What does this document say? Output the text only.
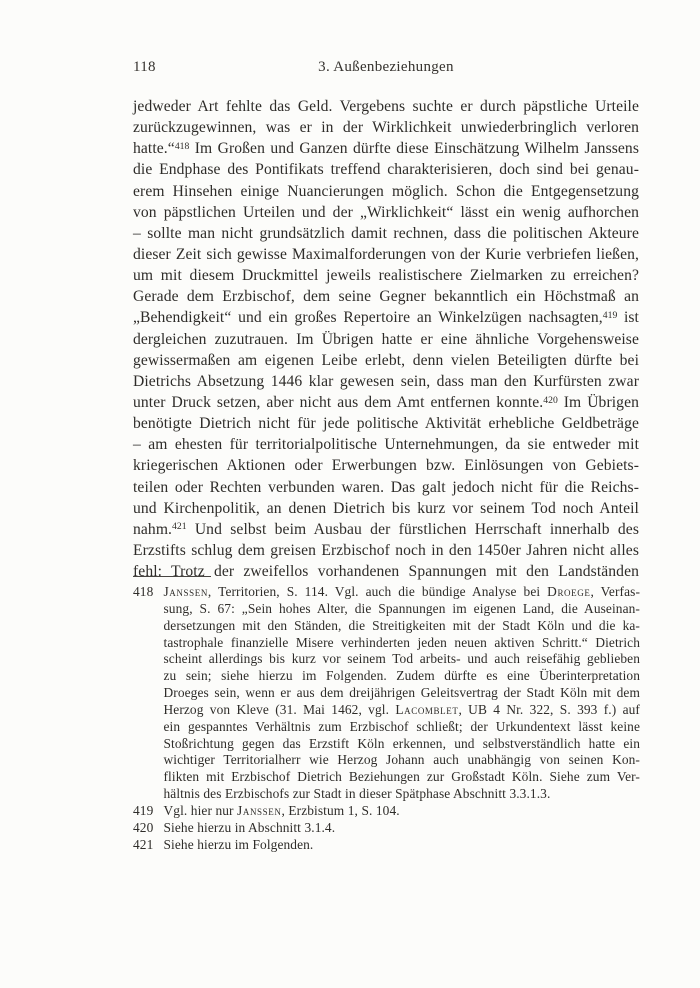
118	3. Außenbeziehungen
jedweder Art fehlte das Geld. Vergebens suchte er durch päpstliche Urteile
zurückzugewinnen, was er in der Wirklichkeit unwiederbringlich verloren
hatte.“$^{418}$ Im Großen und Ganzen dürfte diese Einschätzung Wilhelm Janssens
die Endphase des Pontifikats treffend charakterisieren, doch sind bei genau-
erem Hinsehen einige Nuancierungen möglich. Schon die Entgegensetzung
von päpstlichen Urteilen und der „Wirklichkeit“ lässt ein wenig aufhorchen
– sollte man nicht grundsätzlich damit rechnen, dass die politischen Akteure
dieser Zeit sich gewisse Maximalforderungen von der Kurie verbriefen ließen,
um mit diesem Druckmittel jeweils realistischere Zielmarken zu erreichen?
Gerade dem Erzbischof, dem seine Gegner bekanntlich ein Höchstmaß an
„Behendigkeit“ und ein großes Repertoire an Winkelzügen nachsagten,$^{419}$ ist
dergleichen zuzutrauen. Im Übrigen hatte er eine ähnliche Vorgehensweise
gewissermaßen am eigenen Leibe erlebt, denn vielen Beteiligten dürfte bei
Dietrichs Absetzung 1446 klar gewesen sein, dass man den Kurfürsten zwar
unter Druck setzen, aber nicht aus dem Amt entfernen konnte.$^{420}$ Im Übrigen
benötigte Dietrich nicht für jede politische Aktivität erhebliche Geldbeträge
– am ehesten für territorialpolitische Unternehmungen, da sie entweder mit
kriegerischen Aktionen oder Erwerbungen bzw. Einlösungen von Gebiets-
teilen oder Rechten verbunden waren. Das galt jedoch nicht für die Reichs-
und Kirchenpolitik, an denen Dietrich bis kurz vor seinem Tod noch Anteil
nahm.$^{421}$ Und selbst beim Ausbau der fürstlichen Herrschaft innerhalb des
Erzstifts schlug dem greisen Erzbischof noch in den 1450er Jahren nicht alles
fehl: Trotz der zweifellos vorhandenen Spannungen mit den Landständen
418 Janssen, Territorien, S. 114. Vgl. auch die bündige Analyse bei Droege, Verfas-
sung, S. 67: „Sein hohes Alter, die Spannungen im eigenen Land, die Auseinan-
dersetzungen mit den Ständen, die Streitigkeiten mit der Stadt Köln und die ka-
tastrophale finanzielle Misere verhinderten jeden neuen aktiven Schritt.“ Dietrich
scheint allerdings bis kurz vor seinem Tod arbeits- und auch reisefähig geblieben
zu sein; siehe hierzu im Folgenden. Zudem dürfte es eine Überinterpretation
Droeges sein, wenn er aus dem dreijährigen Geleitsvertrag der Stadt Köln mit dem
Herzog von Kleve (31. Mai 1462, vgl. Lacomblet, UB 4 Nr. 322, S. 393 f.) auf
ein gespanntes Verhältnis zum Erzbischof schließt; der Urkundentext lässt keine
Stoßrichtung gegen das Erzstift Köln erkennen, und selbstverständlich hatte ein
wichtiger Territorialherr wie Herzog Johann auch unabhängig von seinen Kon-
flikten mit Erzbischof Dietrich Beziehungen zur Großstadt Köln. Siehe zum Ver-
hältnis des Erzbischofs zur Stadt in dieser Spätphase Abschnitt 3.3.1.3.
419 Vgl. hier nur Janssen, Erzbistum 1, S. 104.
420 Siehe hierzu in Abschnitt 3.1.4.
421 Siehe hierzu im Folgenden.
